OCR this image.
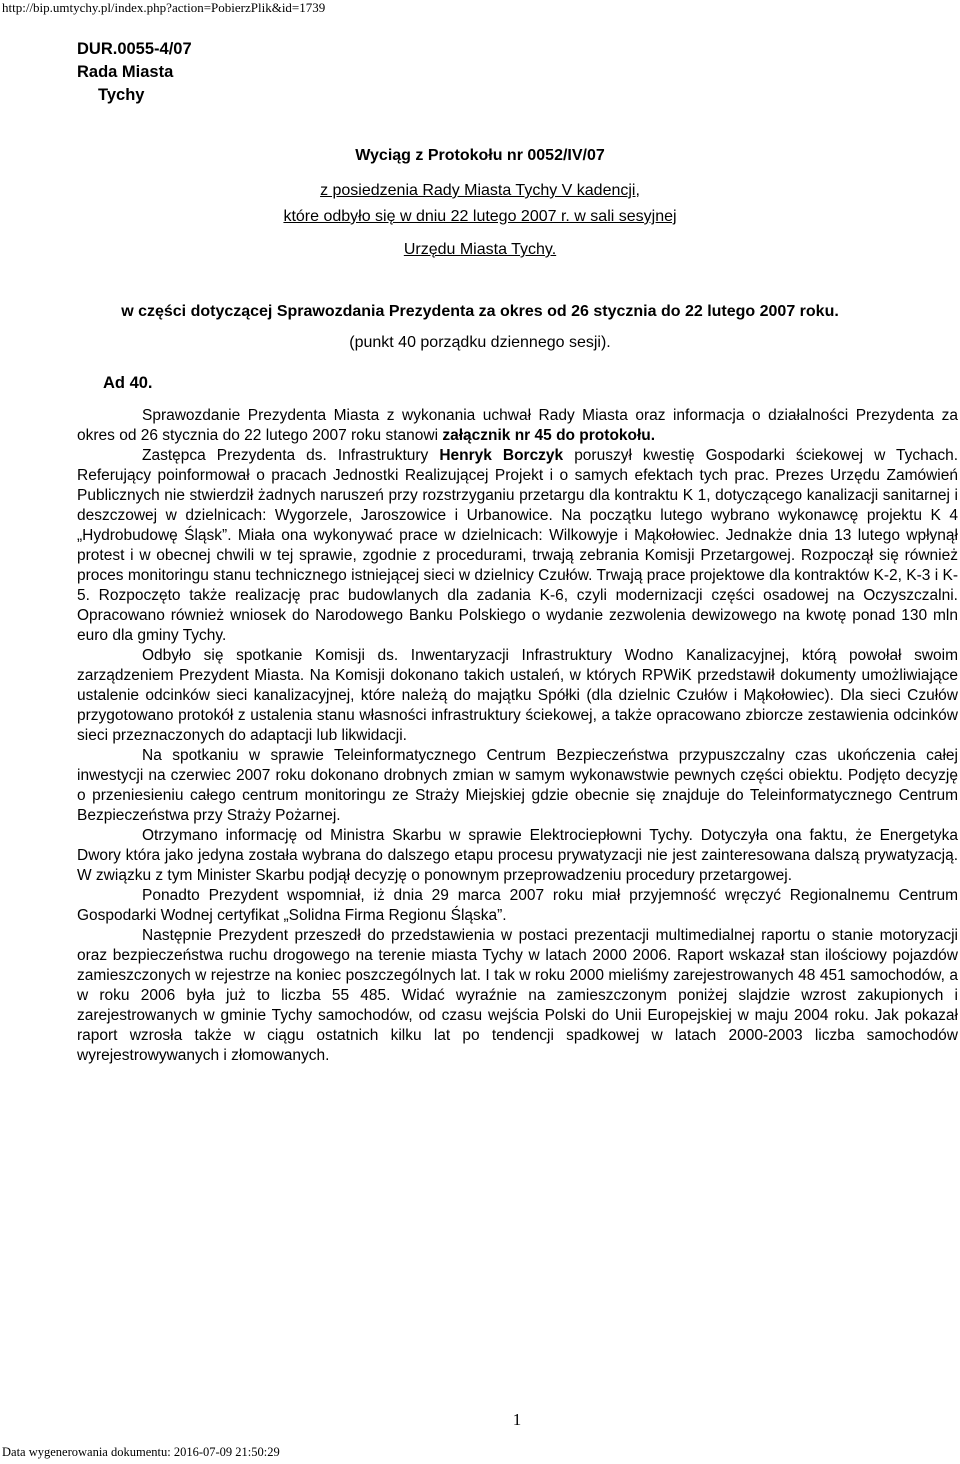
http://bip.umtychy.pl/index.php?action=PobierzPlik&id=1739
DUR.0055-4/07
Rada Miasta
Tychy
Wyciąg z Protokołu nr 0052/IV/07
z posiedzenia Rady Miasta Tychy V kadencji,
które odbyło się w dniu 22 lutego 2007 r. w sali sesyjnej
Urzędu Miasta Tychy.
w części dotyczącej Sprawozdania Prezydenta za okres od 26 stycznia do 22 lutego 2007 roku.
(punkt 40 porządku dziennego sesji).
Ad 40.

Sprawozdanie Prezydenta Miasta z wykonania uchwał Rady Miasta oraz informacja o działalności Prezydenta za okres od 26 stycznia do 22 lutego 2007 roku stanowi załącznik nr 45 do protokołu.

Zastępca Prezydenta ds. Infrastruktury Henryk Borczyk poruszył kwestię Gospodarki ściekowej w Tychach. Referujący poinformował o pracach Jednostki Realizującej Projekt i o samych efektach tych prac. Prezes Urzędu Zamówień Publicznych nie stwierdził żadnych naruszeń przy rozstrzyganiu przetargu dla kontraktu K 1, dotyczącego kanalizacji sanitarnej i deszczowej w dzielnicach: Wygorzele, Jaroszowice i Urbanowice. Na początku lutego wybrano wykonawcę projektu K 4 „Hydrobudowę Śląsk”. Miała ona wykonywać prace w dzielnicach: Wilkowyje i Mąkołowiec. Jednakże dnia 13 lutego wpłynął protest i w obecnej chwili w tej sprawie, zgodnie z procedurami, trwają zebrania Komisji Przetargowej. Rozpoczął się również proces monitoringu stanu technicznego istniejącej sieci w dzielnicy Czułów. Trwają prace projektowe dla kontraktów K-2, K-3 i K-5. Rozpoczęto także realizację prac budowlanych dla zadania K-6, czyli modernizacji części osadowej na Oczyszczalni. Opracowano również wniosek do Narodowego Banku Polskiego o wydanie zezwolenia dewizowego na kwotę ponad 130 mln euro dla gminy Tychy.

Odbyło się spotkanie Komisji ds. Inwentaryzacji Infrastruktury Wodno Kanalizacyjnej, którą powołał swoim zarządzeniem Prezydent Miasta. Na Komisji dokonano takich ustaleń, w których RPWiK przedstawił dokumenty umożliwiające ustalenie odcinków sieci kanalizacyjnej, które należą do majątku Spółki (dla dzielnic Czułów i Mąkołowiec). Dla sieci Czułów przygotowano protokół z ustalenia stanu własności infrastruktury ściekowej, a także opracowano zbiorcze zestawienia odcinków sieci przeznaczonych do adaptacji lub likwidacji.

Na spotkaniu w sprawie Teleinformatycznego Centrum Bezpieczeństwa przypuszczalny czas ukończenia całej inwestycji na czerwiec 2007 roku dokonano drobnych zmian w samym wykonawstwie pewnych części obiektu. Podjęto decyzję o przeniesieniu całego centrum monitoringu ze Straży Miejskiej gdzie obecnie się znajduje do Teleinformatycznego Centrum Bezpieczeństwa przy Straży Pożarnej.

Otrzymano informację od Ministra Skarbu w sprawie Elektrociepłowni Tychy. Dotyczyła ona faktu, że Energetyka Dwory która jako jedyna została wybrana do dalszego etapu procesu prywatyzacji nie jest zainteresowana dalszą prywatyzacją. W związku z tym Minister Skarbu podjął decyzję o ponownym przeprowadzeniu procedury przetargowej.

Ponadto Prezydent wspomniał, iż dnia 29 marca 2007 roku miał przyjemność wręczyć Regionalnemu Centrum Gospodarki Wodnej certyfikat „Solidna Firma Regionu Śląska”.

Następnie Prezydent przeszedł do przedstawienia w postaci prezentacji multimedialnej raportu o stanie motoryzacji oraz bezpieczeństwa ruchu drogowego na terenie miasta Tychy w latach 2000 2006. Raport wskazał stan ilościowy pojazdów zamieszczonych w rejestrze na koniec poszczególnych lat. I tak w roku 2000 mieliśmy zarejestrowanych 48 451 samochodów, a w roku 2006 była już to liczba 55 485. Widać wyraźnie na zamieszczonym poniżej slajdzie wzrost zakupionych i zarejestrowanych w gminie Tychy samochodów, od czasu wejścia Polski do Unii Europejskiej w maju 2004 roku. Jak pokazał raport wzrosła także w ciągu ostatnich kilku lat po tendencji spadkowej w latach 2000-2003 liczba samochodów wyrejestrowywanych i złomowanych.

1
Data wygenerowania dokumentu: 2016-07-09 21:50:29
